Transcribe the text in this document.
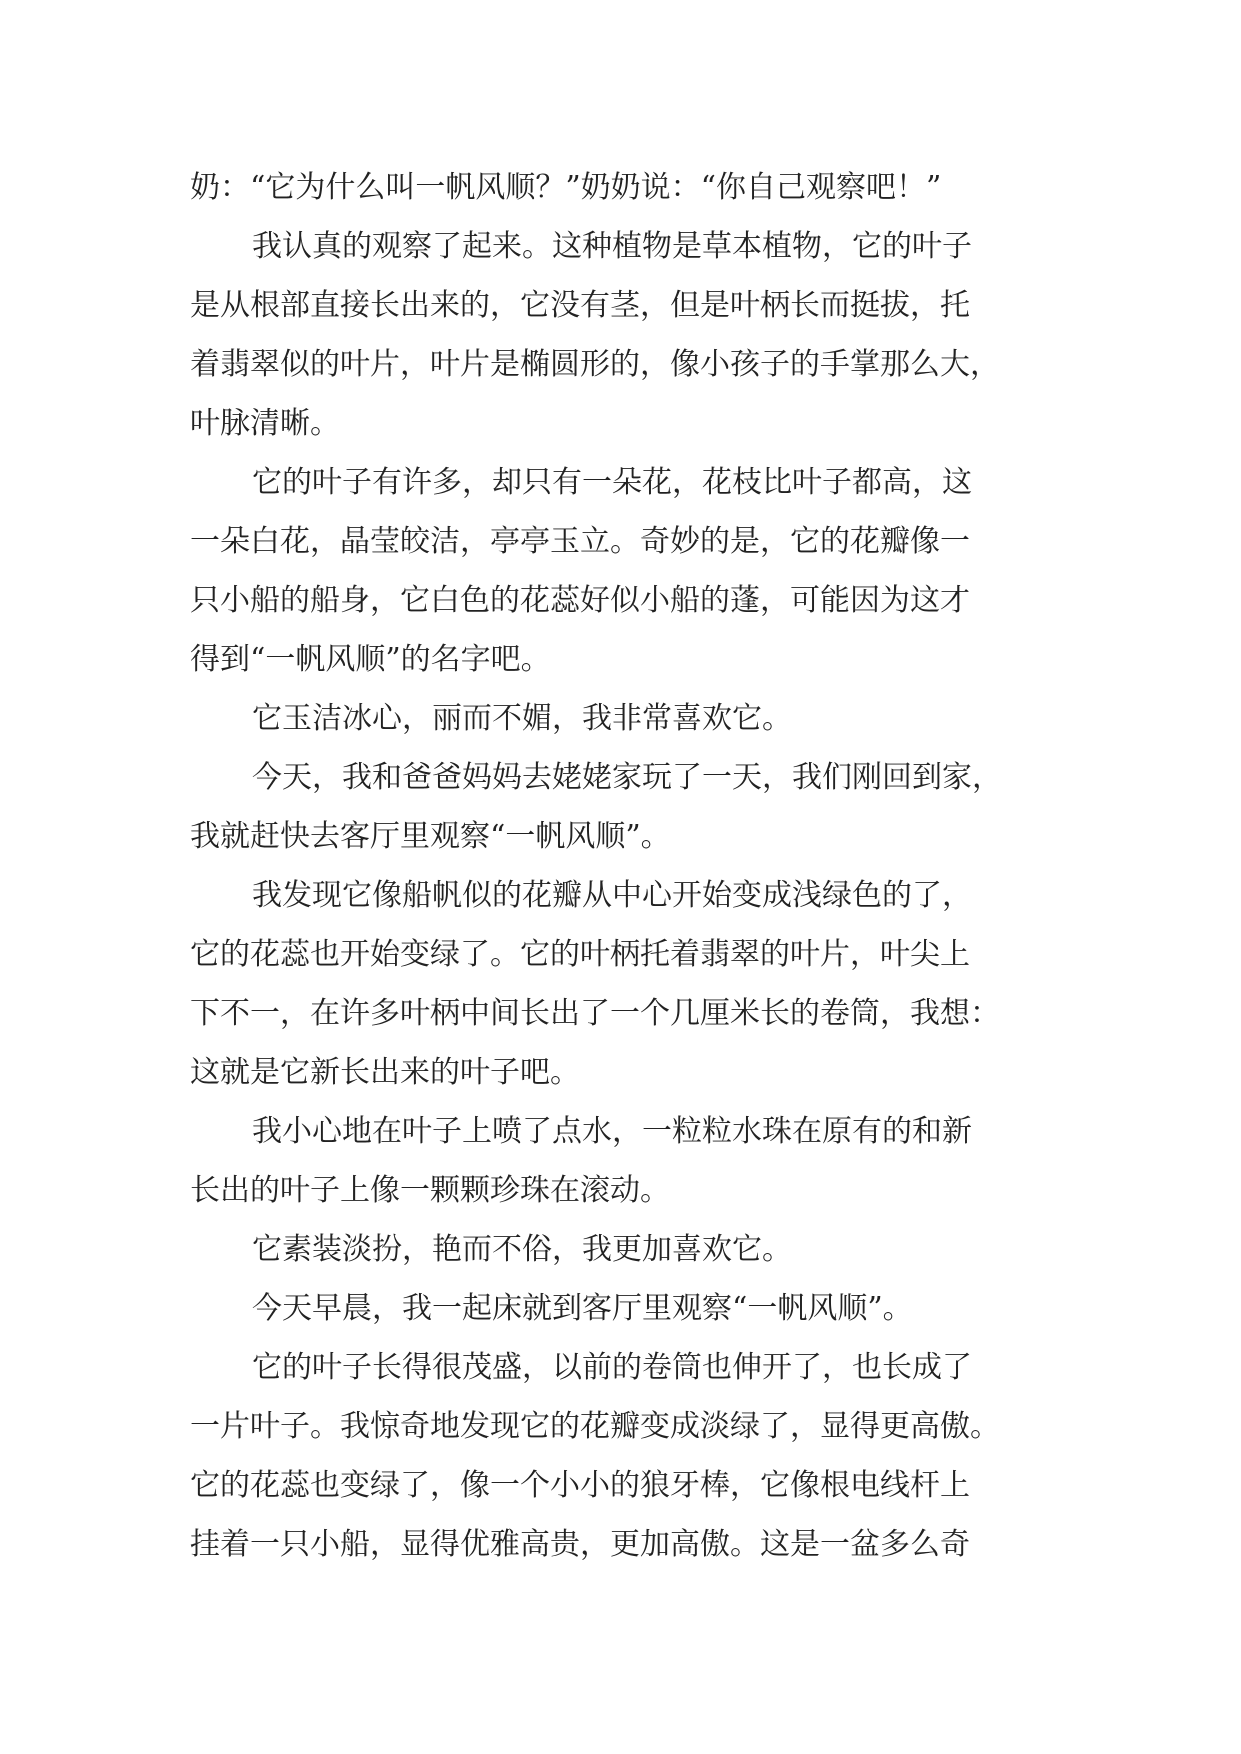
奶：“它为什么叫一帆风顺？”奶奶说：“你自己观察吧！”
我认真的观察了起来。这种植物是草本植物，它的叶子
是从根部直接长出来的，它没有茎，但是叶柄长而挺拔，托
着翡翠似的叶片，叶片是椭圆形的，像小孩子的手掌那么大，
叶脉清晰。
它的叶子有许多，却只有一朵花，花枝比叶子都高，这
一朵白花，晶莹皎洁，亭亭玉立。奇妙的是，它的花瓣像一
只小船的船身，它白色的花蕊好似小船的蓬，可能因为这才
得到“一帆风顺”的名字吧。
它玉洁冰心，丽而不媚，我非常喜欢它。
今天，我和爸爸妈妈去姥姥家玩了一天，我们刚回到家，
我就赶快去客厅里观察“一帆风顺”。
我发现它像船帆似的花瓣从中心开始变成浅绿色的了，
它的花蕊也开始变绿了。它的叶柄托着翡翠的叶片，叶尖上
下不一，在许多叶柄中间长出了一个几厘米长的卷筒，我想：
这就是它新长出来的叶子吧。
我小心地在叶子上喷了点水，一粒粒水珠在原有的和新
长出的叶子上像一颗颗珍珠在滚动。
它素装淡扮，艳而不俗，我更加喜欢它。
今天早晨，我一起床就到客厅里观察“一帆风顺”。
它的叶子长得很茂盛，以前的卷筒也伸开了，也长成了
一片叶子。我惊奇地发现它的花瓣变成淡绿了，显得更高傲。
它的花蕊也变绿了，像一个小小的狼牙棒，它像根电线杆上
挂着一只小船，显得优雅高贵，更加高傲。这是一盆多么奇
